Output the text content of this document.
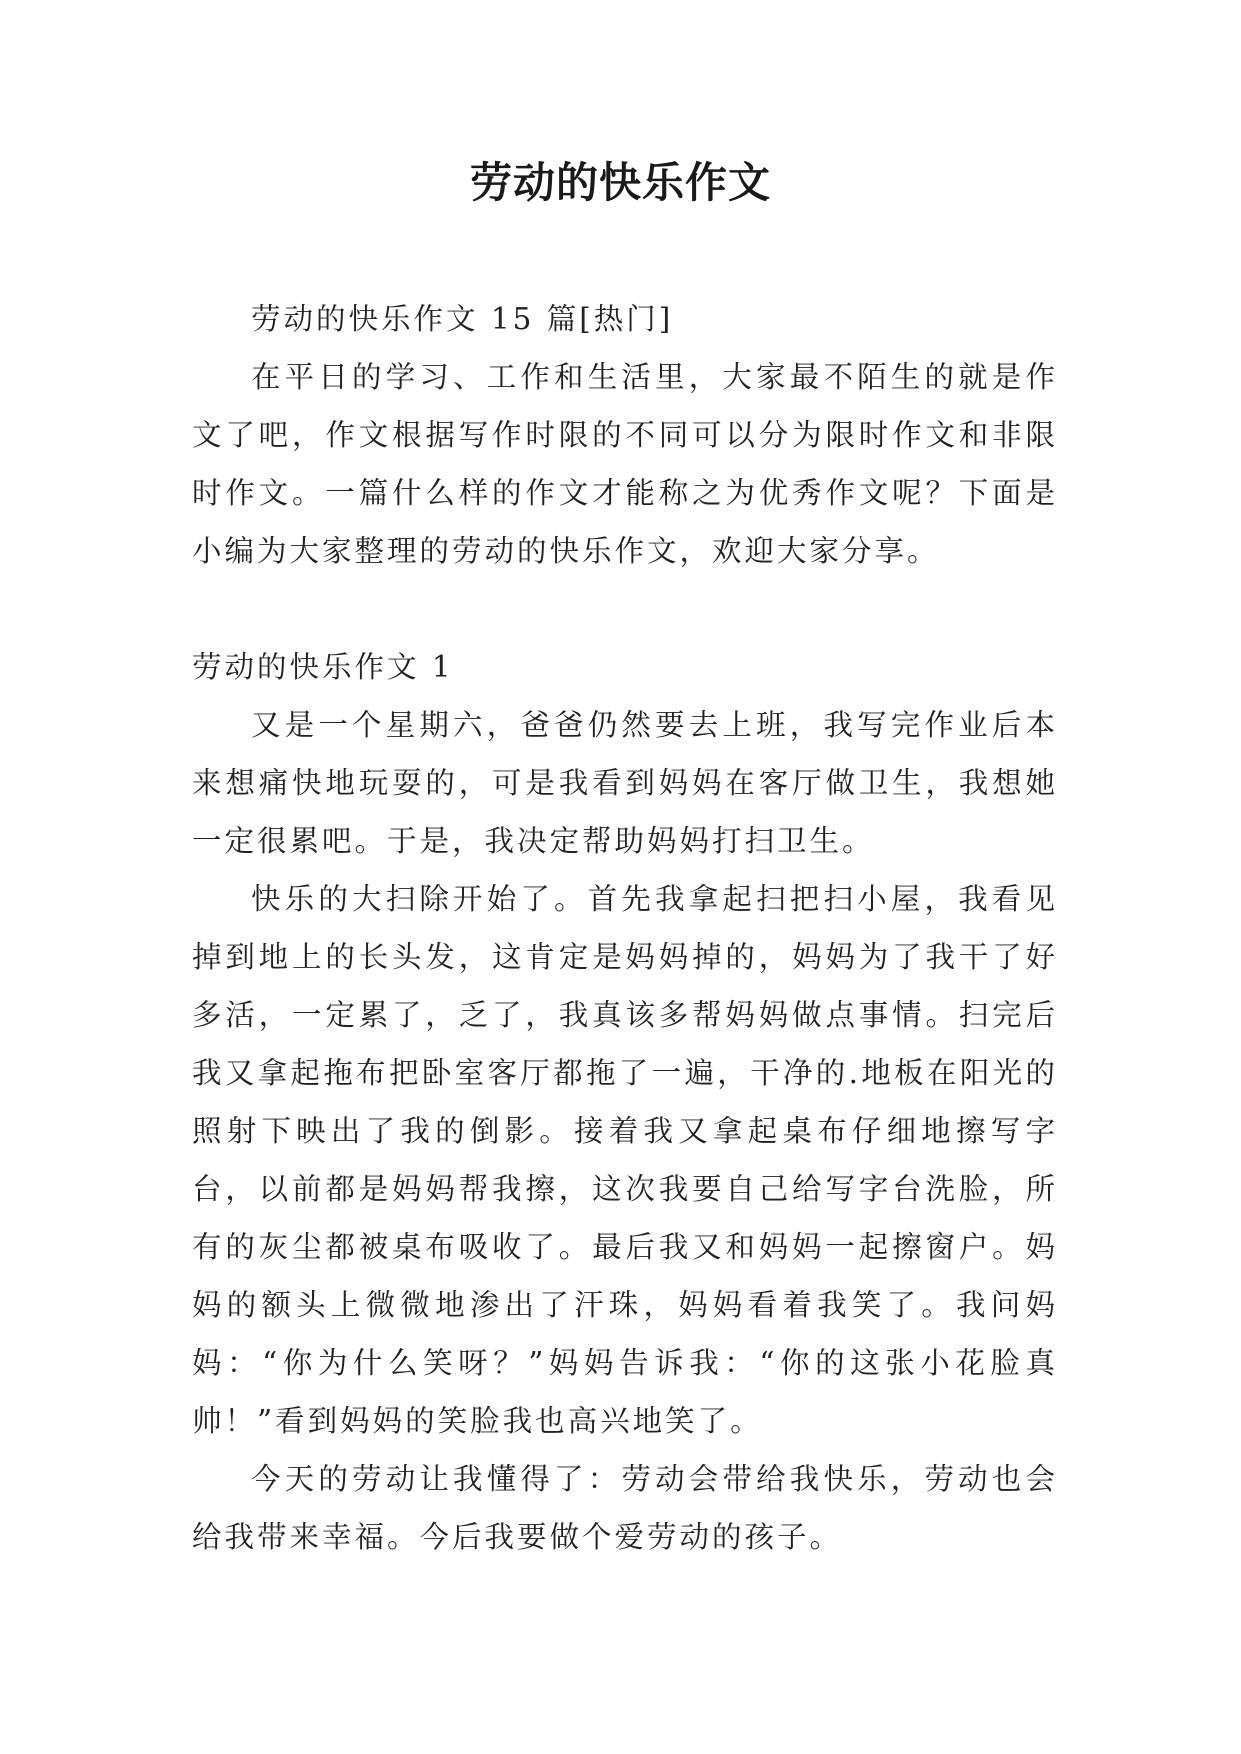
劳动的快乐作文

劳动的快乐作文 15 篇[热门]

在平日的学习、工作和生活里，大家最不陌生的就是作文了吧，作文根据写作时限的不同可以分为限时作文和非限时作文。一篇什么样的作文才能称之为优秀作文呢？下面是小编为大家整理的劳动的快乐作文，欢迎大家分享。

劳动的快乐作文 1

又是一个星期六，爸爸仍然要去上班，我写完作业后本来想痛快地玩耍的，可是我看到妈妈在客厅做卫生，我想她一定很累吧。于是，我决定帮助妈妈打扫卫生。

快乐的大扫除开始了。首先我拿起扫把扫小屋，我看见掉到地上的长头发，这肯定是妈妈掉的，妈妈为了我干了好多活，一定累了，乏了，我真该多帮妈妈做点事情。扫完后我又拿起拖布把卧室客厅都拖了一遍，干净的.地板在阳光的照射下映出了我的倒影。接着我又拿起桌布仔细地擦写字台，以前都是妈妈帮我擦，这次我要自己给写字台洗脸，所有的灰尘都被桌布吸收了。最后我又和妈妈一起擦窗户。妈妈的额头上微微地渗出了汗珠，妈妈看着我笑了。我问妈妈：“你为什么笑呀？”妈妈告诉我：“你的这张小花脸真帅！”看到妈妈的笑脸我也高兴地笑了。

今天的劳动让我懂得了：劳动会带给我快乐，劳动也会给我带来幸福。今后我要做个爱劳动的孩子。
